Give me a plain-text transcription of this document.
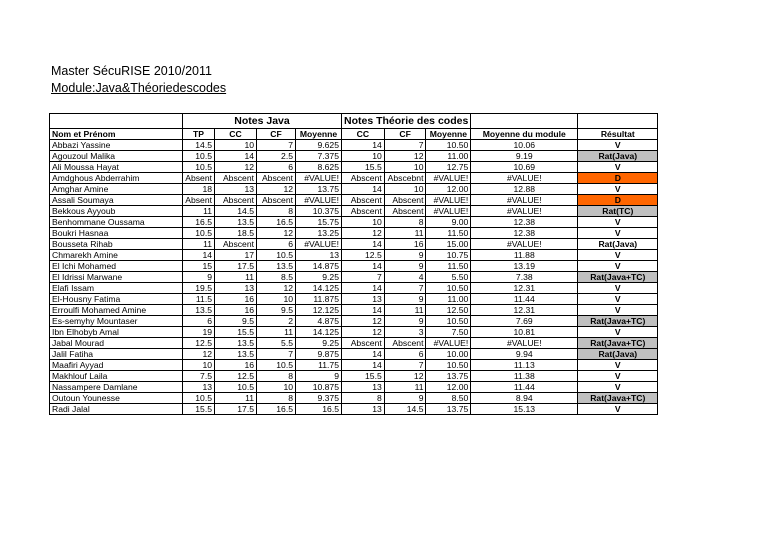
Master SécuRISE 2010/2011
Module:Java&Théoriedescodes
	Notes Java				Notes Théorie des codes				
Nom et Prénom	TP	CC	CF	Moyenne	CC	CF	Moyenne	Moyenne du module	Résultat
Abbazi Yassine	14.5	10	7	9.625	14	7	10.50	10.06	V
Agouzoul Malika	10.5	14	2.5	7.375	10	12	11.00	9.19	Rat(Java)
Ali Moussa Hayat	10.5	12	6	8.625	15.5	10	12.75	10.69	V
Amdghous Abderrahim	Absent	Abscent	Abscent	#VALUE!	Abscent	Abscebnt	#VALUE!	#VALUE!	D
Amghar Amine	18	13	12	13.75	14	10	12.00	12.88	V
Assali Soumaya	Absent	Abscent	Abscent	#VALUE!	Abscent	Abscent	#VALUE!	#VALUE!	D
Bekkous Ayyoub	11	14.5	8	10.375	Abscent	Abscent	#VALUE!	#VALUE!	Rat(TC)
Benhommane Oussama	16.5	13.5	16.5	15.75	10	8	9.00	12.38	V
Boukri Hasnaa	10.5	18.5	12	13.25	12	11	11.50	12.38	V
Bousseta Rihab	11	Abscent	6	#VALUE!	14	16	15.00	#VALUE!	Rat(Java)
Chmarekh Amine	14	17	10.5	13	12.5	9	10.75	11.88	V
El Ichi Mohamed	15	17.5	13.5	14.875	14	9	11.50	13.19	V
El Idrissi Marwane	9	11	8.5	9.25	7	4	5.50	7.38	Rat(Java+TC)
Elafi Issam	19.5	13	12	14.125	14	7	10.50	12.31	V
El-Housny Fatima	11.5	16	10	11.875	13	9	11.00	11.44	V
Erroulfi Mohamed Amine	13.5	16	9.5	12.125	14	11	12.50	12.31	V
Es-semyhy Mountaser	6	9.5	2	4.875	12	9	10.50	7.69	Rat(Java+TC)
Ibn Elhobyb Amal	19	15.5	11	14.125	12	3	7.50	10.81	V
Jabal Mourad	12.5	13.5	5.5	9.25	Abscent	Abscent	#VALUE!	#VALUE!	Rat(Java+TC)
Jalil Fatiha	12	13.5	7	9.875	14	6	10.00	9.94	Rat(Java)
Maafiri Ayyad	10	16	10.5	11.75	14	7	10.50	11.13	V
Makhlouf Laila	7.5	12.5	8	9	15.5	12	13.75	11.38	V
Nassampere Damlane	13	10.5	10	10.875	13	11	12.00	11.44	V
Outoun Younesse	10.5	11	8	9.375	8	9	8.50	8.94	Rat(Java+TC)
Radi Jalal	15.5	17.5	16.5	16.5	13	14.5	13.75	15.13	V
